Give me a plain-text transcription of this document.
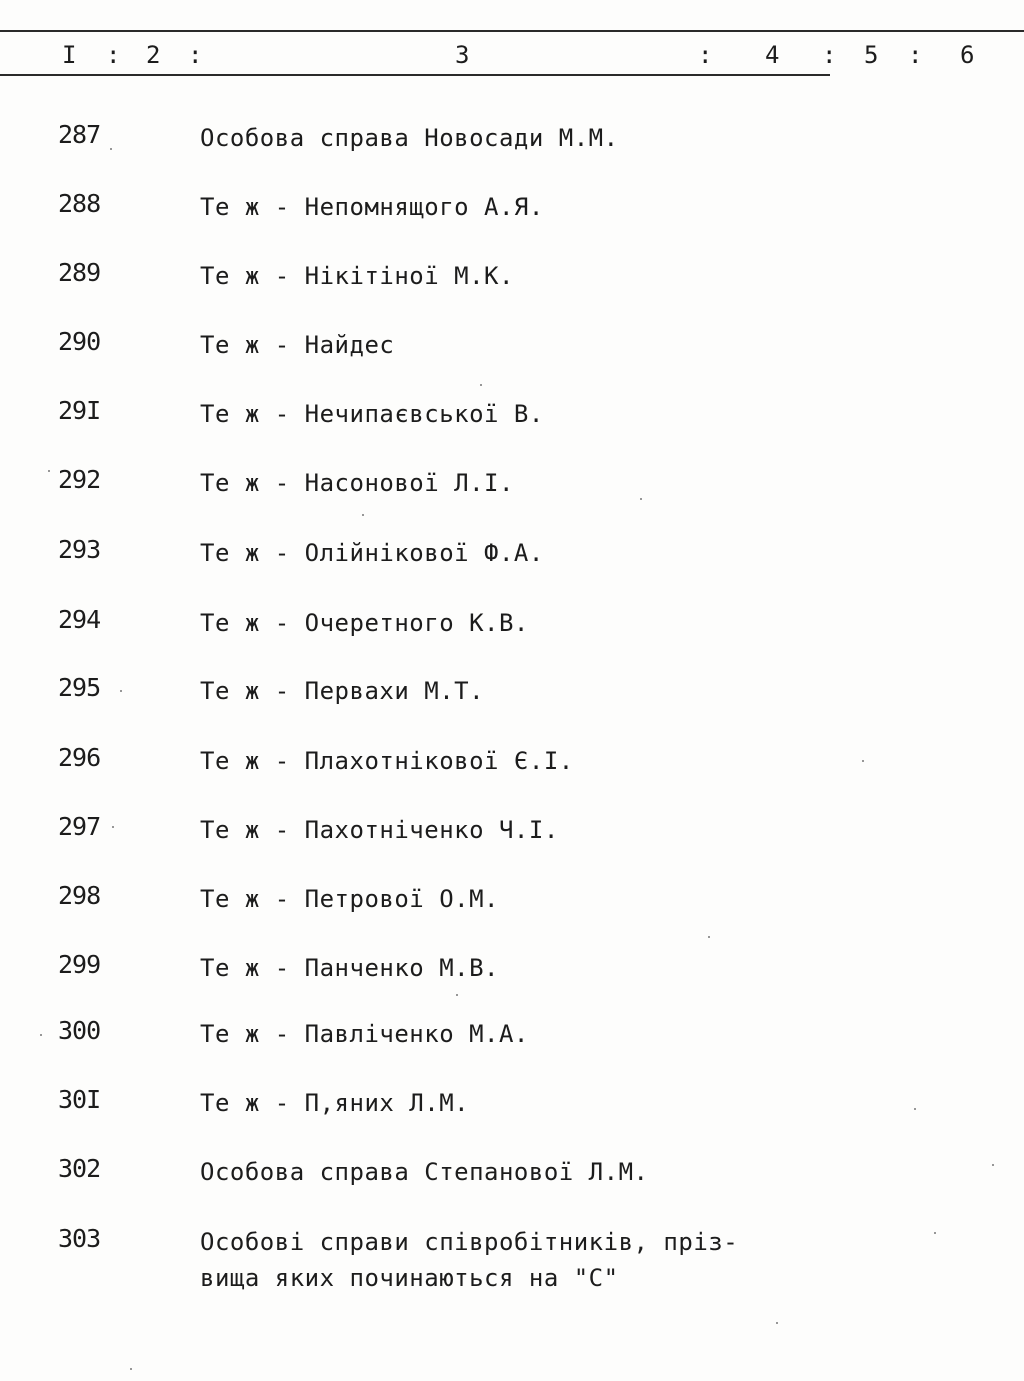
I : 2 :	3	: 4 : 5 : 6
287	Особова справа Новосади М.М.
288	Те ж - Непомнящого А.Я.
289	Те ж - Нікітіної М.К.
290	Те ж - Найдес
29I	Те ж - Нечипаєвської В.
292	Те ж - Насонової Л.І.
293	Те ж - Олійнікової Ф.А.
294	Те ж - Очеретного К.В.
295	Те ж - Первахи М.Т.
296	Те ж - Плахотнікової Є.І.
297	Те ж - Пахотніченко Ч.І.
298	Те ж - Петрової О.М.
299	Те ж - Панченко М.В.
300	Те ж - Павліченко М.А.
30I	Те ж - П,яних Л.М.
302	Особова справа Степанової Л.М.
303	Особові справи співробітників, пріз-
вища яких починаються на "С"
